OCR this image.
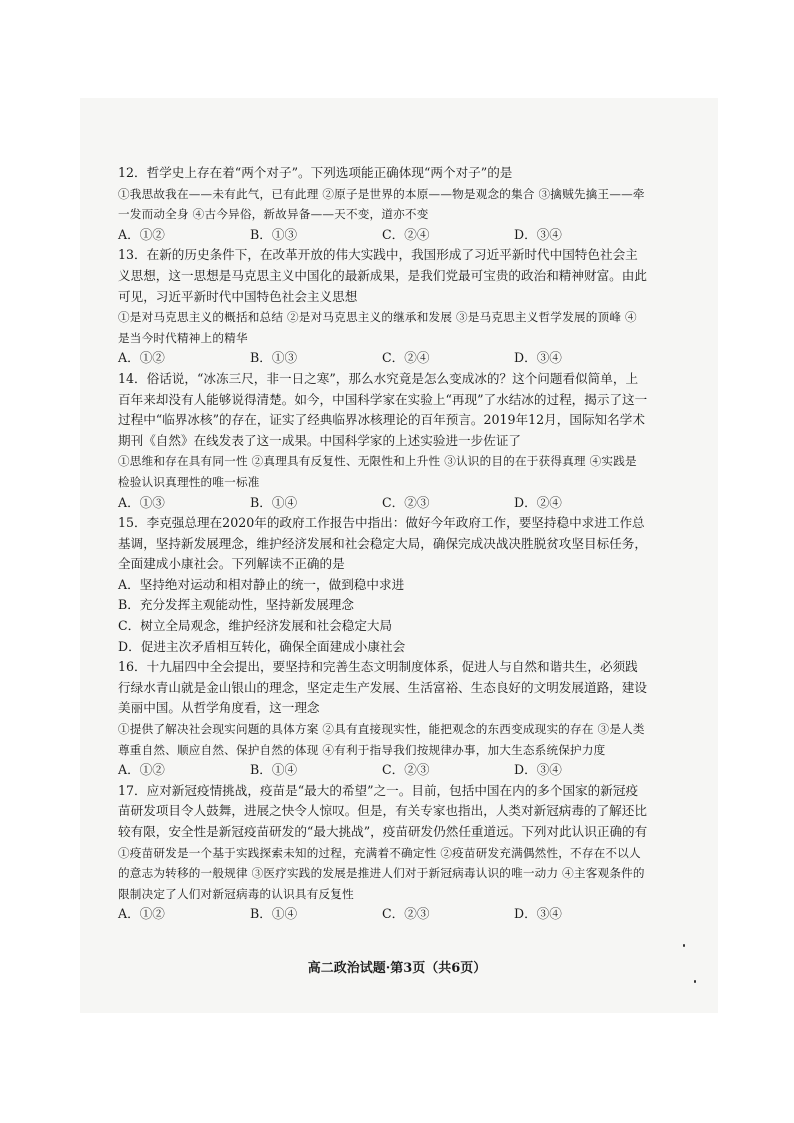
12．哲学史上存在着“两个对子”。下列选项能正确体现“两个对子”的是

①我思故我在——未有此气，已有此理 ②原子是世界的本原——物是观念的集合 ③擒贼先擒王——牵一发而动全身 ④古今异俗，新故异备——天不变，道亦不变

A．①②	B．①③	C．②④	D．③④

13．在新的历史条件下，在改革开放的伟大实践中，我国形成了习近平新时代中国特色社会主义思想，这一思想是马克思主义中国化的最新成果，是我们党最可宝贵的政治和精神财富。由此可见，习近平新时代中国特色社会主义思想

①是对马克思主义的概括和总结 ②是对马克思主义的继承和发展 ③是马克思主义哲学发展的顶峰 ④是当今时代精神上的精华

A．①②	B．①③	C．②④	D．③④

14．俗话说，“冰冻三尺，非一日之寒”，那么水究竟是怎么变成冰的？这个问题看似简单，上百年来却没有人能够说得清楚。如今，中国科学家在实验上“再现”了水结冰的过程，揭示了这一过程中“临界冰核”的存在，证实了经典临界冰核理论的百年预言。2019年12月，国际知名学术期刊《自然》在线发表了这一成果。中国科学家的上述实验进一步佐证了

①思维和存在具有同一性 ②真理具有反复性、无限性和上升性 ③认识的目的在于获得真理 ④实践是检验认识真理性的唯一标准

A．①③	B．①④	C．②③	D．②④

15．李克强总理在2020年的政府工作报告中指出：做好今年政府工作，要坚持稳中求进工作总基调，坚持新发展理念，维护经济发展和社会稳定大局，确保完成决战决胜脱贫攻坚目标任务，全面建成小康社会。下列解读不正确的是

A．坚持绝对运动和相对静止的统一，做到稳中求进

B．充分发挥主观能动性，坚持新发展理念

C．树立全局观念，维护经济发展和社会稳定大局

D．促进主次矛盾相互转化，确保全面建成小康社会

16．十九届四中全会提出，要坚持和完善生态文明制度体系，促进人与自然和谐共生，必须践行绿水青山就是金山银山的理念，坚定走生产发展、生活富裕、生态良好的文明发展道路，建设美丽中国。从哲学角度看，这一理念

①提供了解决社会现实问题的具体方案 ②具有直接现实性，能把观念的东西变成现实的存在 ③是人类尊重自然、顺应自然、保护自然的体现 ④有利于指导我们按规律办事，加大生态系统保护力度

A．①②	B．①④	C．②③	D．③④

17．应对新冠疫情挑战，疫苗是“最大的希望”之一。目前，包括中国在内的多个国家的新冠疫苗研发项目令人鼓舞，进展之快令人惊叹。但是，有关专家也指出，人类对新冠病毒的了解还比较有限，安全性是新冠疫苗研发的“最大挑战”，疫苗研发仍然任重道远。下列对此认识正确的有

①疫苗研发是一个基于实践探索未知的过程，充满着不确定性 ②疫苗研发充满偶然性，不存在不以人的意志为转移的一般规律 ③医疗实践的发展是推进人们对于新冠病毒认识的唯一动力 ④主客观条件的限制决定了人们对新冠病毒的认识具有反复性

A．①②	B．①④	C．②③	D．③④
高二政治试题·第3页（共6页）
